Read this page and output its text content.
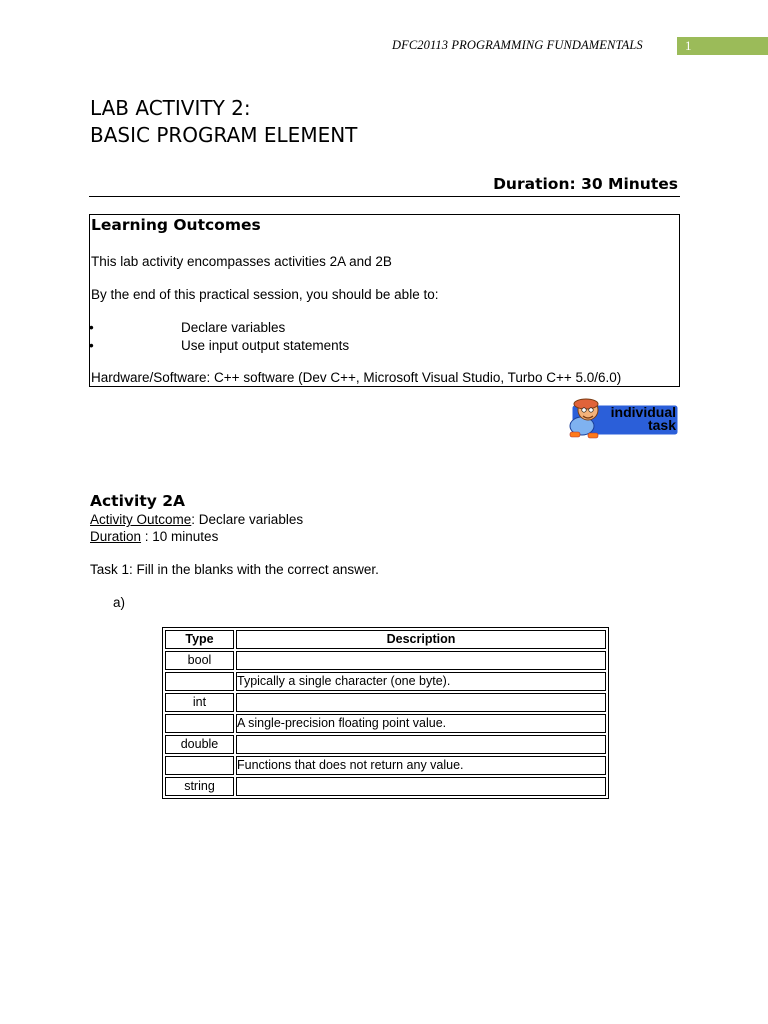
DFC20113 PROGRAMMING FUNDAMENTALS	1
LAB ACTIVITY 2:
BASIC PROGRAM ELEMENT
Duration: 30 Minutes
Learning Outcomes
This lab activity encompasses activities 2A and 2B
By the end of this practical session, you should be able to:
•	Declare variables
•	Use input output statements
Hardware/Software: C++ software (Dev C++, Microsoft Visual Studio, Turbo C++ 5.0/6.0)
individual
task
Activity 2A
Activity Outcome: Declare variables
Duration : 10 minutes
Task 1: Fill in the blanks with the correct answer.
a)
Type	Description
bool	
	Typically a single character (one byte).
int	
	A single-precision floating point value.
double	
	Functions that does not return any value.
string	
